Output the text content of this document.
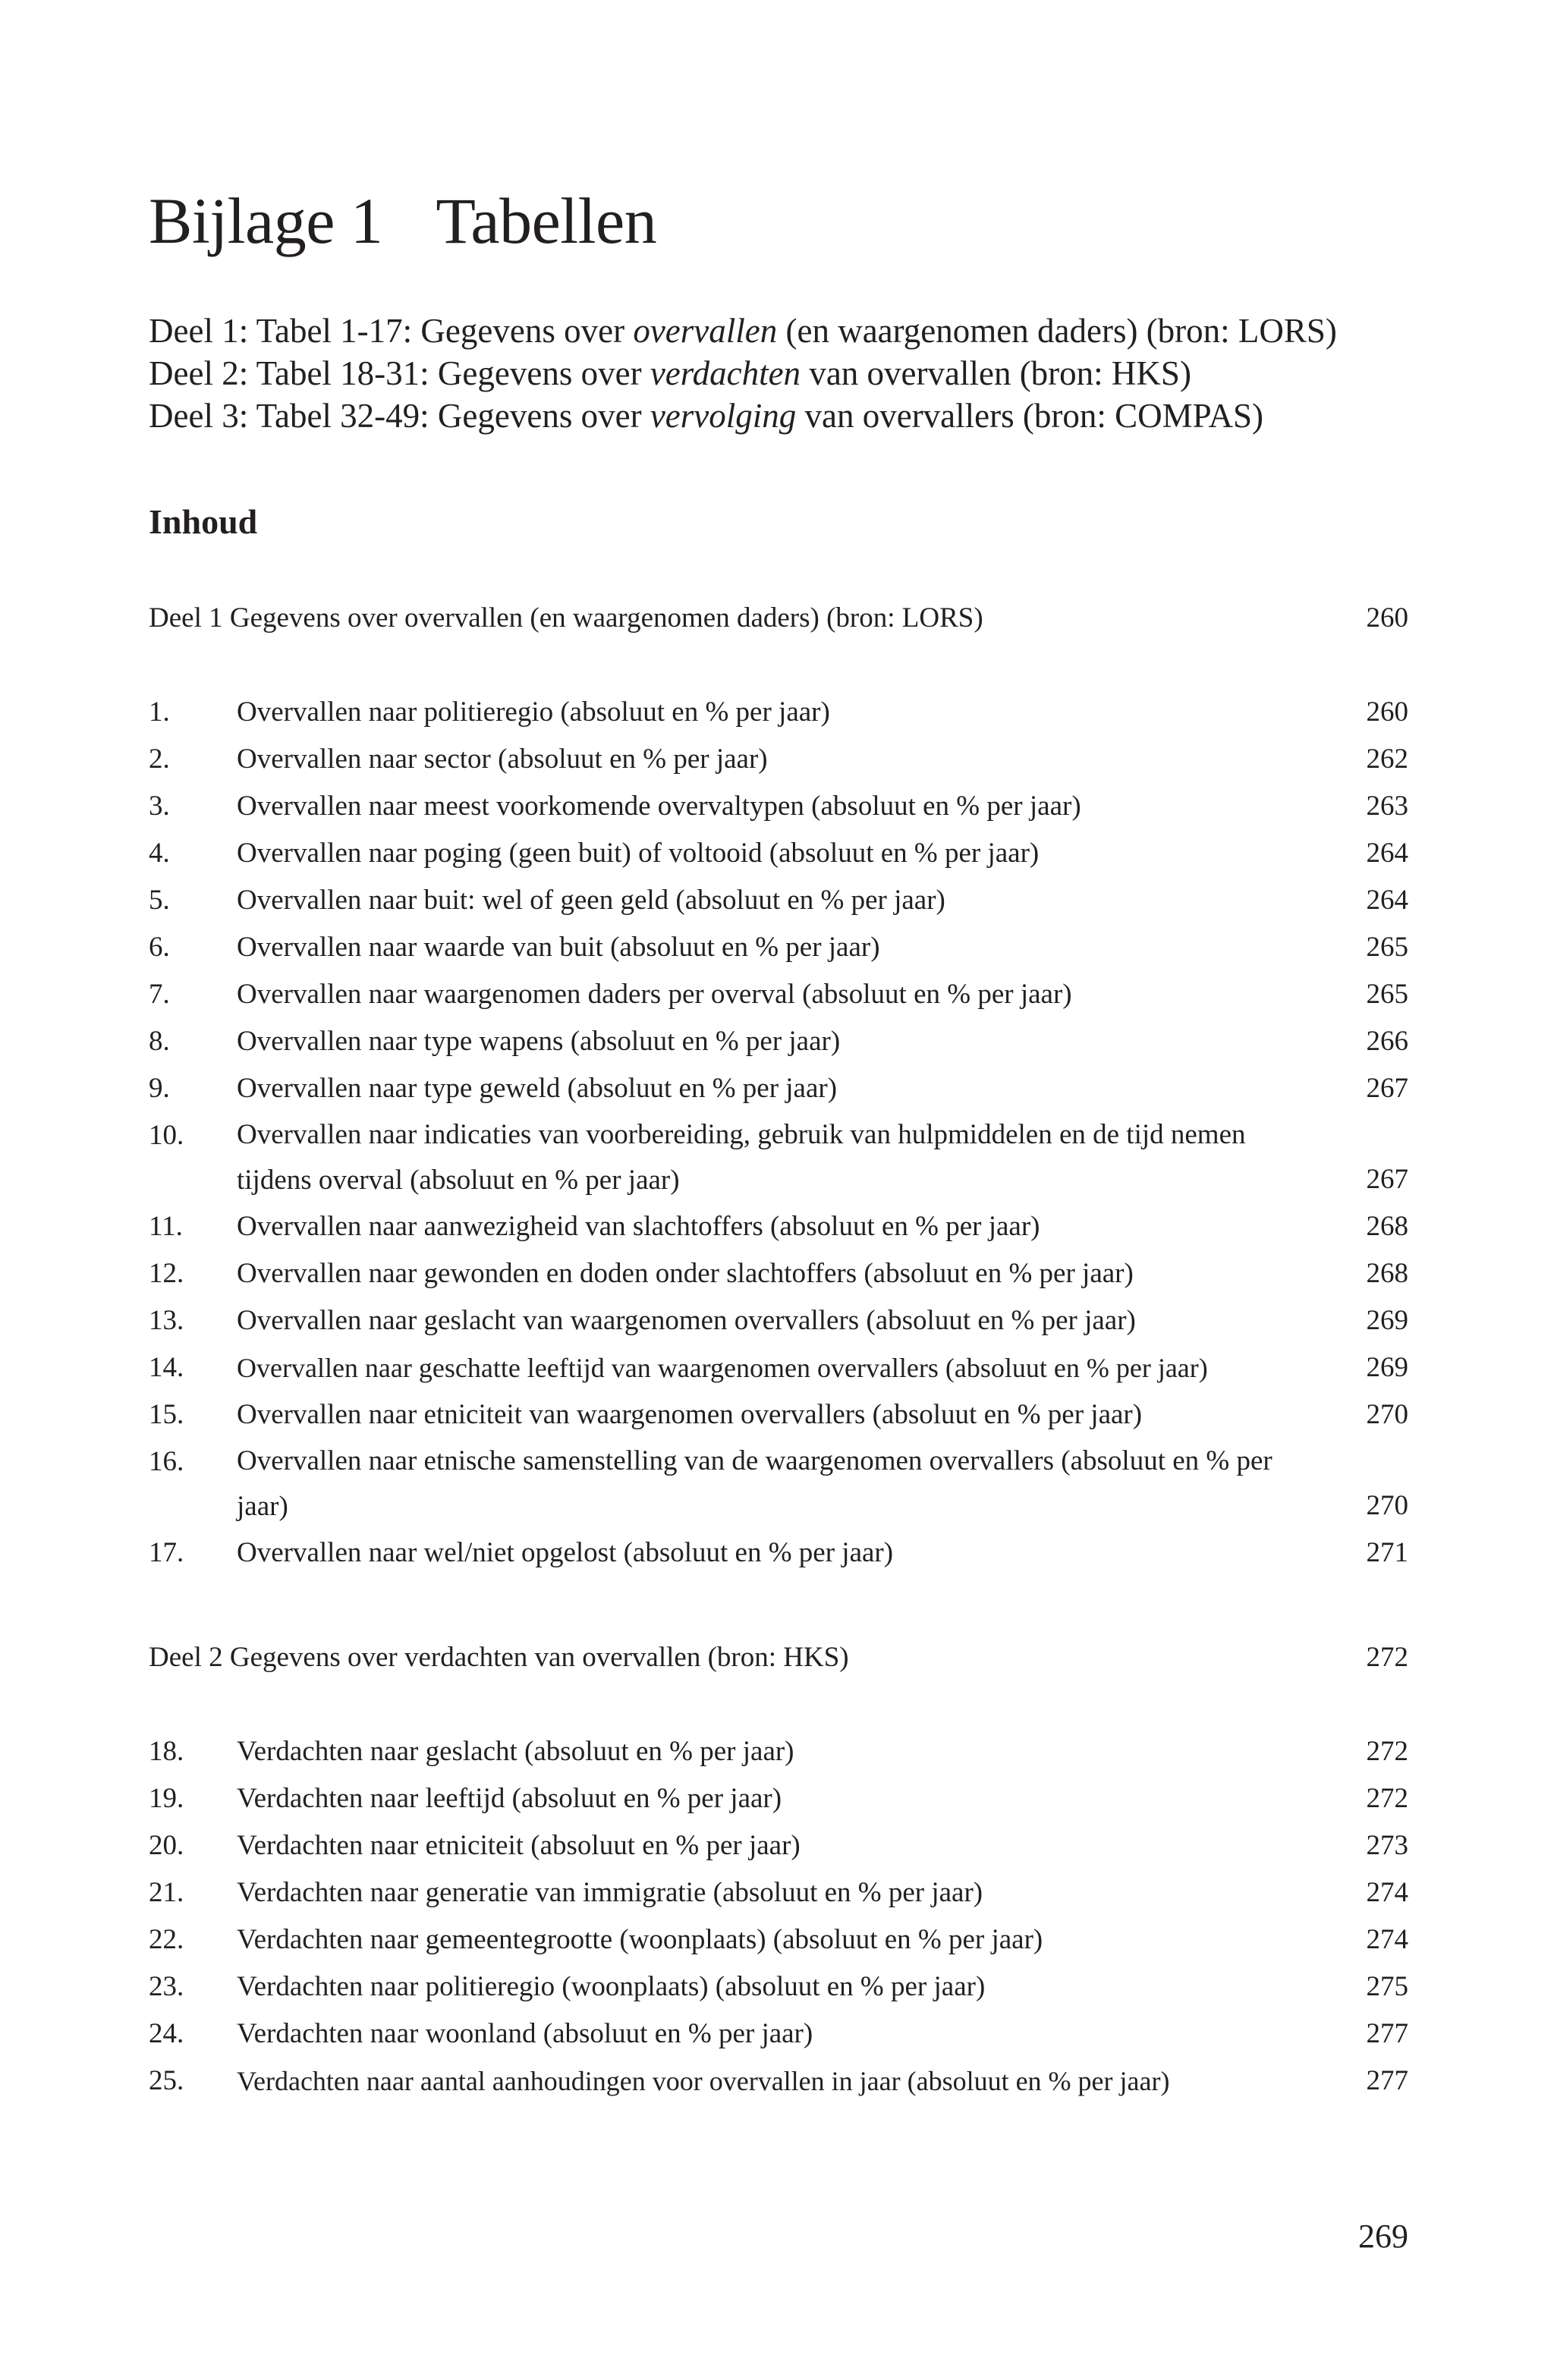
Bijlage 1 Tabellen
Deel 1: Tabel 1-17: Gegevens over overvallen (en waargenomen daders) (bron: LORS)
Deel 2: Tabel 18-31: Gegevens over verdachten van overvallen (bron: HKS)
Deel 3: Tabel 32-49: Gegevens over vervolging van overvallers (bron: COMPAS)
Inhoud
Deel 1 Gegevens over overvallen (en waargenomen daders) (bron: LORS)	260
1. Overvallen naar politieregio (absoluut en % per jaar)	260
2. Overvallen naar sector (absoluut en % per jaar)	262
3. Overvallen naar meest voorkomende overvaltypen (absoluut en % per jaar)	263
4. Overvallen naar poging (geen buit) of voltooid (absoluut en % per jaar)	264
5. Overvallen naar buit: wel of geen geld (absoluut en % per jaar)	264
6. Overvallen naar waarde van buit (absoluut en % per jaar)	265
7. Overvallen naar waargenomen daders per overval (absoluut en % per jaar)	265
8. Overvallen naar type wapens (absoluut en % per jaar)	266
9. Overvallen naar type geweld (absoluut en % per jaar)	267
10. Overvallen naar indicaties van voorbereiding, gebruik van hulpmiddelen en de tijd nemen tijdens overval (absoluut en % per jaar)	267
11. Overvallen naar aanwezigheid van slachtoffers (absoluut en % per jaar)	268
12. Overvallen naar gewonden en doden onder slachtoffers (absoluut en % per jaar)	268
13. Overvallen naar geslacht van waargenomen overvallers (absoluut en % per jaar)	269
14. Overvallen naar geschatte leeftijd van waargenomen overvallers (absoluut en % per jaar)	269
15. Overvallen naar etniciteit van waargenomen overvallers (absoluut en % per jaar)	270
16. Overvallen naar etnische samenstelling van de waargenomen overvallers (absoluut en % per jaar)	270
17. Overvallen naar wel/niet opgelost (absoluut en % per jaar)	271
Deel 2 Gegevens over verdachten van overvallen (bron: HKS)	272
18. Verdachten naar geslacht (absoluut en % per jaar)	272
19. Verdachten naar leeftijd (absoluut en % per jaar)	272
20. Verdachten naar etniciteit (absoluut en % per jaar)	273
21. Verdachten naar generatie van immigratie (absoluut en % per jaar)	274
22. Verdachten naar gemeentegrootte (woonplaats) (absoluut en % per jaar)	274
23. Verdachten naar politieregio (woonplaats) (absoluut en % per jaar)	275
24. Verdachten naar woonland (absoluut en % per jaar)	277
25. Verdachten naar aantal aanhoudingen voor overvallen in jaar (absoluut en % per jaar)	277
269
